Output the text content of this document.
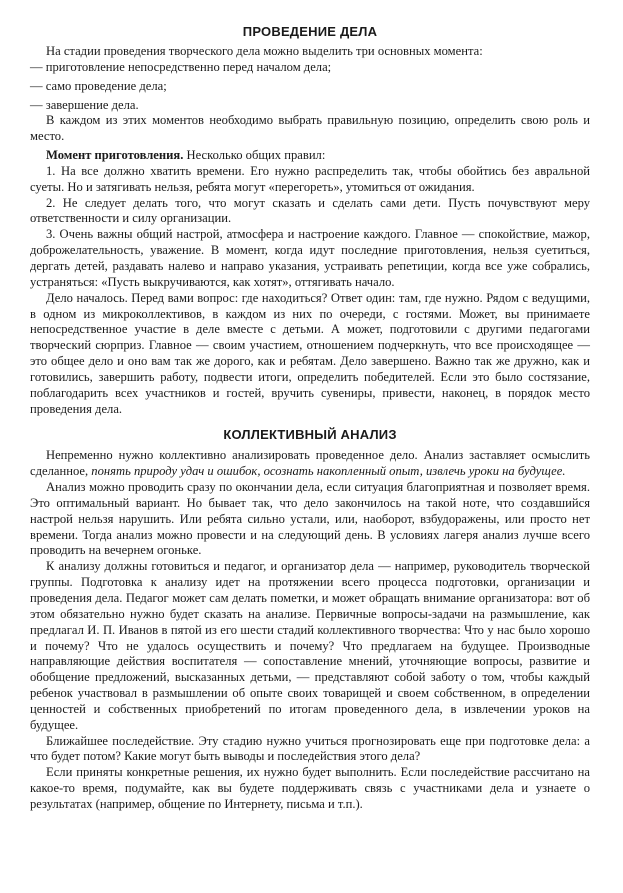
ПРОВЕДЕНИЕ ДЕЛА

На стадии проведения творческого дела можно выделить три основных момента:

— приготовление непосредственно перед началом дела;

— само проведение дела;

— завершение дела.

В каждом из этих моментов необходимо выбрать правильную позицию, определить свою роль и место.

Момент приготовления. Несколько общих правил:

1. На все должно хватить времени. Его нужно распределить так, чтобы обойтись без авральной суеты. Но и затягивать нельзя, ребята могут «перегореть», утомиться от ожидания.

2. Не следует делать того, что могут сказать и сделать сами дети. Пусть почувствуют меру ответственности и силу организации.

3. Очень важны общий настрой, атмосфера и настроение каждого. Главное — спокойствие, мажор, доброжелательность, уважение. В момент, когда идут последние приготовления, нельзя суетиться, дергать детей, раздавать налево и направо указания, устраивать репетиции, когда все уже собрались, устраняться: «Пусть выкручиваются, как хотят», оттягивать начало.

Дело началось. Перед вами вопрос: где находиться? Ответ один: там, где нужно. Рядом с ведущими, в одном из микроколлективов, в каждом из них по очереди, с гостями. Может, вы принимаете непосредственное участие в деле вместе с детьми. А может, подготовили с другими педагогами творческий сюрприз. Главное — своим участием, отношением подчеркнуть, что все происходящее — это общее дело и оно вам так же дорого, как и ребятам. Дело завершено. Важно так же дружно, как и готовились, завершить работу, подвести итоги, определить победителей. Если это было состязание, поблагодарить всех участников и гостей, вручить сувениры, привести, наконец, в порядок место проведения дела.

КОЛЛЕКТИВНЫЙ АНАЛИЗ

Непременно нужно коллективно анализировать проведенное дело. Анализ заставляет осмыслить сделанное, понять природу удач и ошибок, осознать накопленный опыт, извлечь уроки на будущее.

Анализ можно проводить сразу по окончании дела, если ситуация благоприятная и позволяет время. Это оптимальный вариант. Но бывает так, что дело закончилось на такой ноте, что создавшийся настрой нельзя нарушить. Или ребята сильно устали, или, наоборот, взбудоражены, или просто нет времени. Тогда анализ можно провести и на следующий день. В условиях лагеря анализ лучше всего проводить на вечернем огоньке.

К анализу должны готовиться и педагог, и организатор дела — например, руководитель творческой группы. Подготовка к анализу идет на протяжении всего процесса подготовки, организации и проведения дела. Педагог может сам делать пометки, и может обращать внимание организатора: вот об этом обязательно нужно будет сказать на анализе. Первичные вопросы-задачи на размышление, как предлагал И. П. Иванов в пятой из его шести стадий коллективного творчества: Что у нас было хорошо и почему? Что не удалось осуществить и почему? Что предлагаем на будущее. Производные направляющие действия воспитателя — сопоставление мнений, уточняющие вопросы, развитие и обобщение предложений, высказанных детьми, — представляют собой заботу о том, чтобы каждый ребенок участвовал в размышлении об опыте своих товарищей и своем собственном, в определении ценностей и собственных приобретений по итогам проведенного дела, в извлечении уроков на будущее.

Ближайшее последействие. Эту стадию нужно учиться прогнозировать еще при подготовке дела: а что будет потом? Какие могут быть выводы и последействия этого дела?

Если приняты конкретные решения, их нужно будет выполнить. Если последействие рассчитано на какое-то время, подумайте, как вы будете поддерживать связь с участниками дела и узнаете о результатах (например, общение по Интернету, письма и т.п.).
